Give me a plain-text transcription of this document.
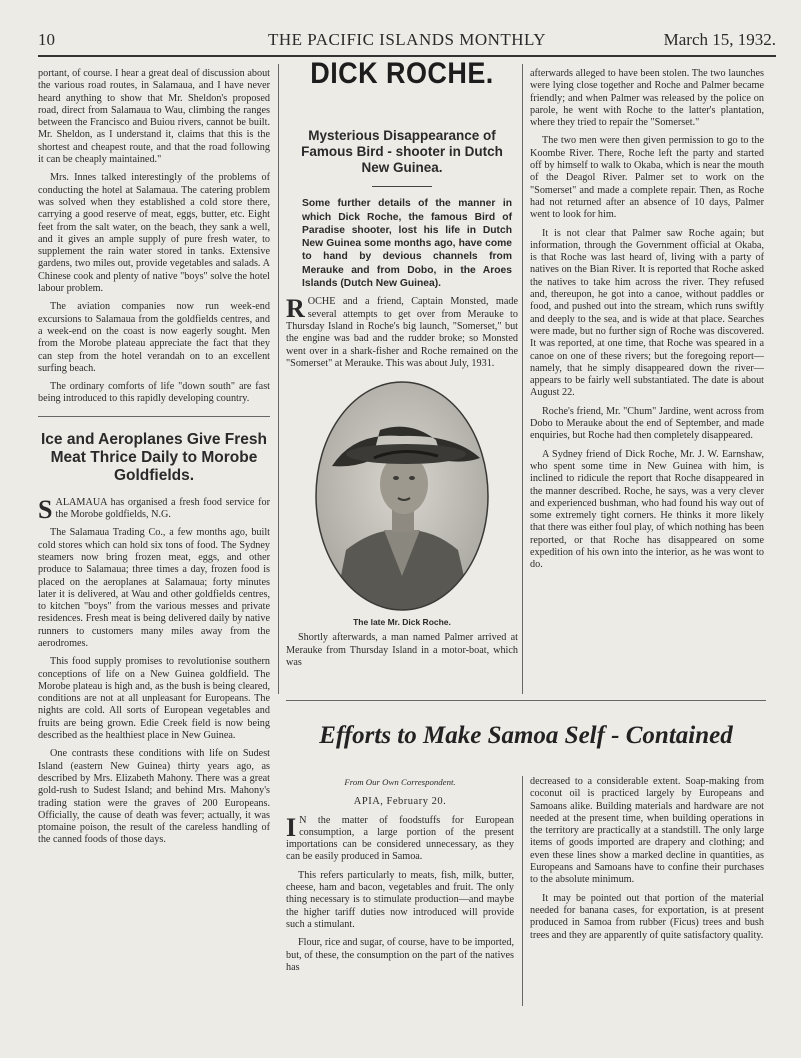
10	THE PACIFIC ISLANDS MONTHLY	March 15, 1932.

portant, of course. I hear a great deal of discussion about the various road routes, in Salamaua, and I have never heard anything to show that Mr. Sheldon's proposed road, direct from Salamaua to Wau, climbing the ranges between the Francisco and Buiou rivers, cannot be built. Mr. Sheldon, as I understand it, claims that this is the shortest and cheapest route, and that the road following it can be cheaply maintained."

Mrs. Innes talked interestingly of the problems of conducting the hotel at Salamaua. The catering problem was solved when they established a cold store there, carrying a good reserve of meat, eggs, butter, etc. Eight feet from the salt water, on the beach, they sank a well, and it gives an ample supply of pure fresh water, to supplement the rain water stored in tanks. Extensive gardens, two miles out, provide vegetables and salads. A Chinese cook and plenty of native "boys" solve the hotel labour problem.

The aviation companies now run week-end excursions to Salamaua from the goldfields centres, and a week-end on the coast is now eagerly sought. Men from the Morobe plateau appreciate the fact that they can step from the hotel verandah on to an excellent surfing beach.

The ordinary comforts of life "down south" are fast being introduced to this rapidly developing country.

Ice and Aeroplanes Give Fresh Meat Thrice Daily to Morobe Goldfields.

SALAMAUA has organised a fresh food service for the Morobe goldfields, N.G.

The Salamaua Trading Co., a few months ago, built cold stores which can hold six tons of food. The Sydney steamers now bring frozen meat, eggs, and other produce to Salamaua; three times a day, frozen food is placed on the aeroplanes at Salamaua; forty minutes later it is delivered, at Wau and other goldfields centres, to kitchen "boys" from the various messes and private residences. Fresh meat is being delivered daily by native runners to customers many miles away from the aerodromes.

This food supply promises to revolutionise southern conceptions of life on a New Guinea goldfield. The Morobe plateau is high and, as the bush is being cleared, conditions are not at all unpleasant for Europeans. The nights are cold. All sorts of European vegetables and fruits are being grown. Edie Creek field is now being described as the healthiest place in New Guinea.

One contrasts these conditions with life on Sudest Island (eastern New Guinea) thirty years ago, as described by Mrs. Elizabeth Mahony. There was a great gold-rush to Sudest Island; and behind Mrs. Mahony's trading station were the graves of 200 Europeans. Officially, the cause of death was fever; actually, it was ptomaine poison, the result of the careless handling of the canned foods of those days.

DICK ROCHE.
Mysterious Disappearance of Famous Bird - shooter in Dutch New Guinea.
Some further details of the manner in which Dick Roche, the famous Bird of Paradise shooter, lost his life in Dutch New Guinea some months ago, have come to hand by devious channels from Merauke and from Dobo, in the Aroes Islands (Dutch New Guinea).

ROCHE and a friend, Captain Monsted, made several attempts to get over from Merauke to Thursday Island in Roche's big launch, "Somerset," but the engine was bad and the rudder broke; so Monsted went over in a shark-fisher and Roche remained on the "Somerset" at Merauke. This was about July, 1931.

The late Mr. Dick Roche.

Shortly afterwards, a man named Palmer arrived at Merauke from Thursday Island in a motor-boat, which was

afterwards alleged to have been stolen. The two launches were lying close together and Roche and Palmer became friendly; and when Palmer was released by the police on parole, he went with Roche to the latter's plantation, where they tried to repair the "Somerset."

The two men were then given permission to go to the Koombe River. There, Roche left the party and started off by himself to walk to Okaba, which is near the mouth of the Deagol River. Palmer set to work on the "Somerset" and made a complete repair. Then, as Roche had not returned after an absence of 10 days, Palmer went to look for him.

It is not clear that Palmer saw Roche again; but information, through the Government official at Okaba, is that Roche was last heard of, living with a party of natives on the Bian River. It is reported that Roche asked the natives to take him across the river. They refused and, thereupon, he got into a canoe, without paddles or food, and pushed out into the stream, which runs swiftly and deeply to the sea, and is wide at that place. Searches were made, but no further sign of Roche was discovered. It was reported, at one time, that Roche was speared in a canoe on one of these rivers; but the foregoing report—namely, that he simply disappeared down the river—appears to be fairly well substantiated. The date is about August 22.

Roche's friend, Mr. "Chum" Jardine, went across from Dobo to Merauke about the end of September, and made enquiries, but Roche had then completely disappeared.

A Sydney friend of Dick Roche, Mr. J. W. Earnshaw, who spent some time in New Guinea with him, is inclined to ridicule the report that Roche disappeared in the manner described. Roche, he says, was a very clever and experienced bushman, who had found his way out of some extremely tight corners. He thinks it more likely that there was either foul play, of which nothing has been reported, or that Roche has disappeared on some expedition of his own into the interior, as he was wont to do.

Efforts to Make Samoa Self - Contained
From Our Own Correspondent.
APIA, February 20.

I N the matter of foodstuffs for European consumption, a large portion of the present importations can be considered unnecessary, as they can be easily produced in Samoa.

This refers particularly to meats, fish, milk, butter, cheese, ham and bacon, vegetables and fruit. The only thing necessary is to stimulate production—and maybe the higher tariff duties now introduced will provide such a stimulant.

Flour, rice and sugar, of course, have to be imported, but, of these, the consumption on the part of the natives has

decreased to a considerable extent. Soap-making from coconut oil is practiced largely by Europeans and Samoans alike. Building materials and hardware are not needed at the present time, when building operations in the territory are practically at a standstill. The only large items of goods imported are drapery and clothing; and even these lines show a marked decline in quantities, as Europeans and Samoans have to confine their purchases to the absolute minimum.

It may be pointed out that portion of the material needed for banana cases, for exportation, is at present produced in Samoa from rubber (Ficus) trees and bush trees and they are apparently of quite satisfactory quality.
